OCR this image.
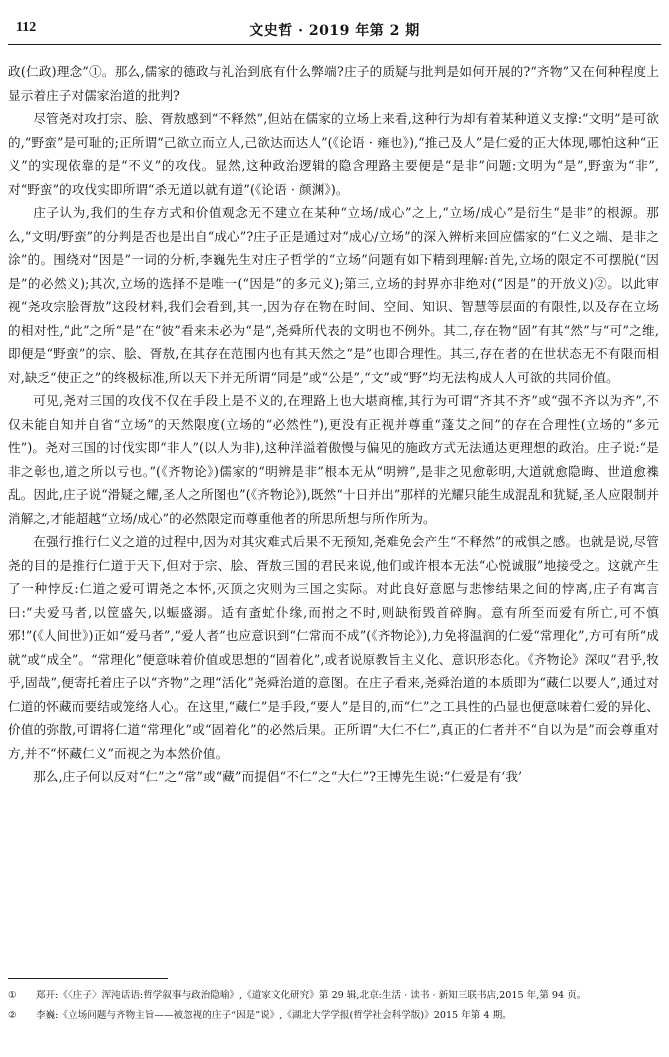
112	文史哲 · 2019 年第 2 期

政(仁政)理念”①。那么,儒家的德政与礼治到底有什么弊端?庄子的质疑与批判是如何开展的?“齐物”又在何种程度上显示着庄子对儒家治道的批判?

尽管尧对攻打宗、脍、胥敖感到“不释然”,但站在儒家的立场上来看,这种行为却有着某种道义支撑:“文明”是可欲的,“野蛮”是可耻的;正所谓“己欲立而立人,己欲达而达人”(《论语 · 雍也》),“推己及人”是仁爱的正大体现,哪怕这种“正义”的实现依靠的是“不义”的攻伐。显然,这种政治逻辑的隐含理路主要便是“是非”问题:文明为“是”,野蛮为“非”,对“野蛮”的攻伐实即所谓“杀无道以就有道”(《论语 · 颜渊》)。

庄子认为,我们的生存方式和价值观念无不建立在某种“立场/成心”之上,“立场/成心”是衍生“是非”的根源。那么,“文明/野蛮”的分判是否也是出自“成心”?庄子正是通过对“成心/立场”的深入辨析来回应儒家的“仁义之端、是非之涂”的。围绕对“因是”一词的分析,李巍先生对庄子哲学的“立场”问题有如下精到理解:首先,立场的限定不可摆脱(“因是”的必然义);其次,立场的选择不是唯一(“因是”的多元义);第三,立场的封界亦非绝对(“因是”的开放义)②。以此审视“尧攻宗脍胥敖”这段材料,我们会看到,其一,因为存在物在时间、空间、知识、智慧等层面的有限性,以及存在立场的相对性,“此”之所“是”在“彼”看来未必为“是”,尧舜所代表的文明也不例外。其二,存在物“固”有其“然”与“可”之维,即便是“野蛮”的宗、脍、胥敖,在其存在范围内也有其天然之“是”也即合理性。其三,存在者的在世状态无不有限而相对,缺乏“使正之”的终极标准,所以天下并无所谓“同是”或“公是”,“文”或“野”均无法构成人人可欲的共同价值。

可见,尧对三国的攻伐不仅在手段上是不义的,在理路上也大堪商榷,其行为可谓“齐其不齐”或“强不齐以为齐”,不仅未能自知并自省“立场”的天然限度(立场的“必然性”),更没有正视并尊重“蓬艾之间”的存在合理性(立场的“多元性”)。尧对三国的讨伐实即“非人”(以人为非),这种洋溢着傲慢与偏见的施政方式无法通达更理想的政治。庄子说:“是非之彰也,道之所以亏也。”(《齐物论》)儒家的“明辨是非”根本无从“明辨”,是非之见愈彰明,大道就愈隐晦、世道愈襍乱。因此,庄子说“滑疑之耀,圣人之所图也”(《齐物论》),既然“十日并出”那样的光耀只能生成混乱和犹疑,圣人应限制并消解之,才能超越“立场/成心”的必然限定而尊重他者的所思所想与所作所为。

在强行推行仁义之道的过程中,因为对其灾难式后果不无预知,尧难免会产生“不释然”的戒惧之感。也就是说,尽管尧的目的是推行仁道于天下,但对于宗、脍、胥敖三国的君民来说,他们或许根本无法“心悦诚服”地接受之。这就产生了一种悖反:仁道之爱可谓尧之本怀,灭顶之灾则为三国之实际。对此良好意愿与悲惨结果之间的悖离,庄子有寓言曰:“夫爱马者,以筐盛矢,以蜄盛溺。适有蚉虻仆缘,而拊之不时,则缺衔毁首碎胸。意有所至而爱有所亡,可不慎邪!”(《人间世》)正如“爱马者”,“爱人者”也应意识到“仁常而不成”(《齐物论》),力免将温润的仁爱“常理化”,方可有所“成就”或“成全”。“常理化”便意味着价值或思想的“固着化”,或者说原教旨主义化、意识形态化。《齐物论》深叹“君乎,牧乎,固哉”,便寄托着庄子以“齐物”之理“活化”尧舜治道的意图。在庄子看来,尧舜治道的本质即为“藏仁以要人”,通过对仁道的怀藏而要结或笼络人心。在这里,“藏仁”是手段,“要人”是目的,而“仁”之工具性的凸显也便意味着仁爱的异化、价值的弥散,可谓将仁道“常理化”或“固着化”的必然后果。正所谓“大仁不仁”,真正的仁者并不“自以为是”而会尊重对方,并不“怀藏仁义”而视之为本然价值。

那么,庄子何以反对“仁”之“常”或“藏”而提倡“不仁”之“大仁”?王博先生说:“仁爱是有‘我’

① 郑开:《〈庄子〉浑沌话语:哲学叙事与政治隐喻》,《道家文化研究》第 29 辑,北京:生活 · 读书 · 新知三联书店,2015 年,第 94 页。

② 李巍:《立场问题与齐物主旨——被忽视的庄子“因是”说》,《湖北大学学报(哲学社会科学版)》2015 年第 4 期。
